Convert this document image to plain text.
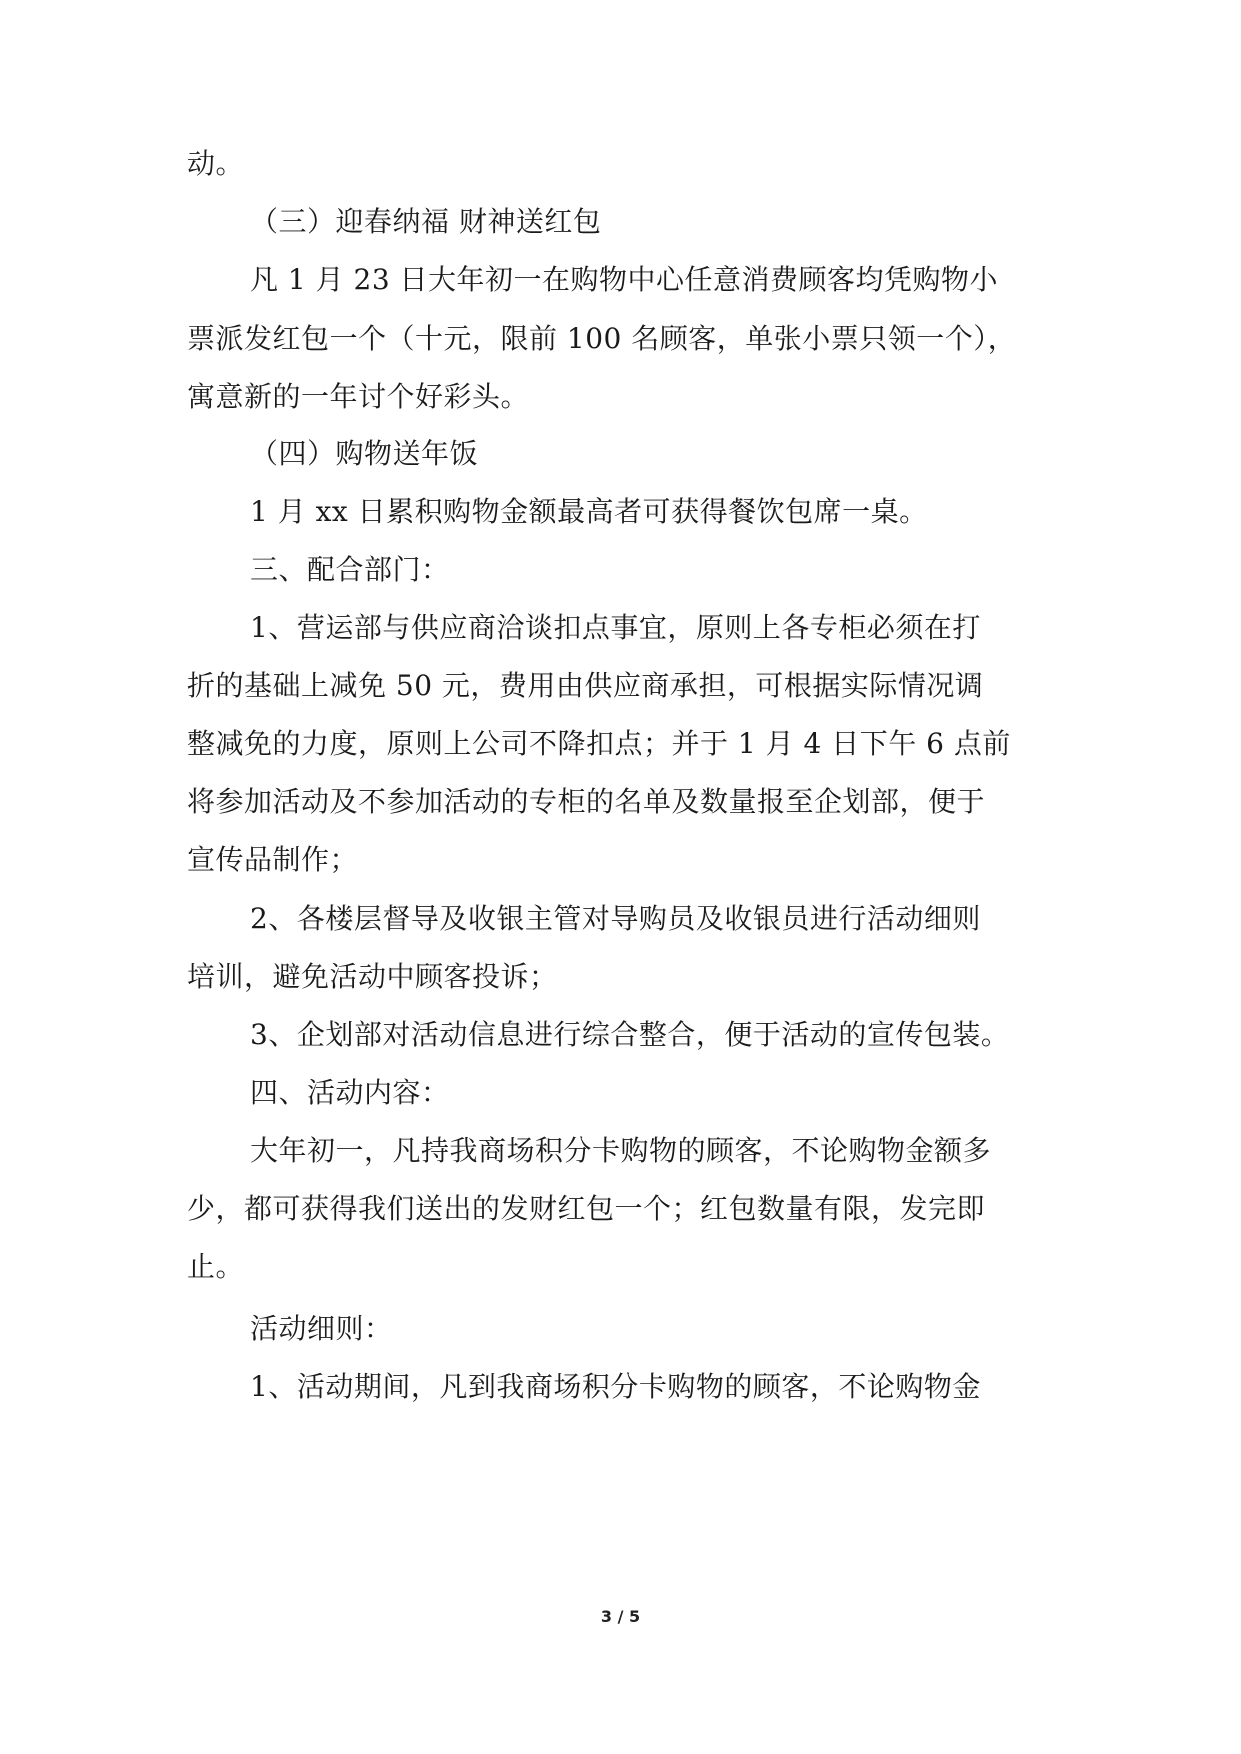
动。
（三）迎春纳福 财神送红包
凡 1 月 23 日大年初一在购物中心任意消费顾客均凭购物小
票派发红包一个（十元，限前 100 名顾客，单张小票只领一个），
寓意新的一年讨个好彩头。
（四）购物送年饭
1 月 xx 日累积购物金额最高者可获得餐饮包席一桌。
三、配合部门：
1、营运部与供应商洽谈扣点事宜，原则上各专柜必须在打
折的基础上减免 50 元，费用由供应商承担，可根据实际情况调
整减免的力度，原则上公司不降扣点；并于 1 月 4 日下午 6 点前
将参加活动及不参加活动的专柜的名单及数量报至企划部，便于
宣传品制作；
2、各楼层督导及收银主管对导购员及收银员进行活动细则
培训，避免活动中顾客投诉；
3、企划部对活动信息进行综合整合，便于活动的宣传包装。
四、活动内容：
大年初一，凡持我商场积分卡购物的顾客，不论购物金额多
少，都可获得我们送出的发财红包一个；红包数量有限，发完即
止。
活动细则：
1、活动期间，凡到我商场积分卡购物的顾客，不论购物金
3 / 5
